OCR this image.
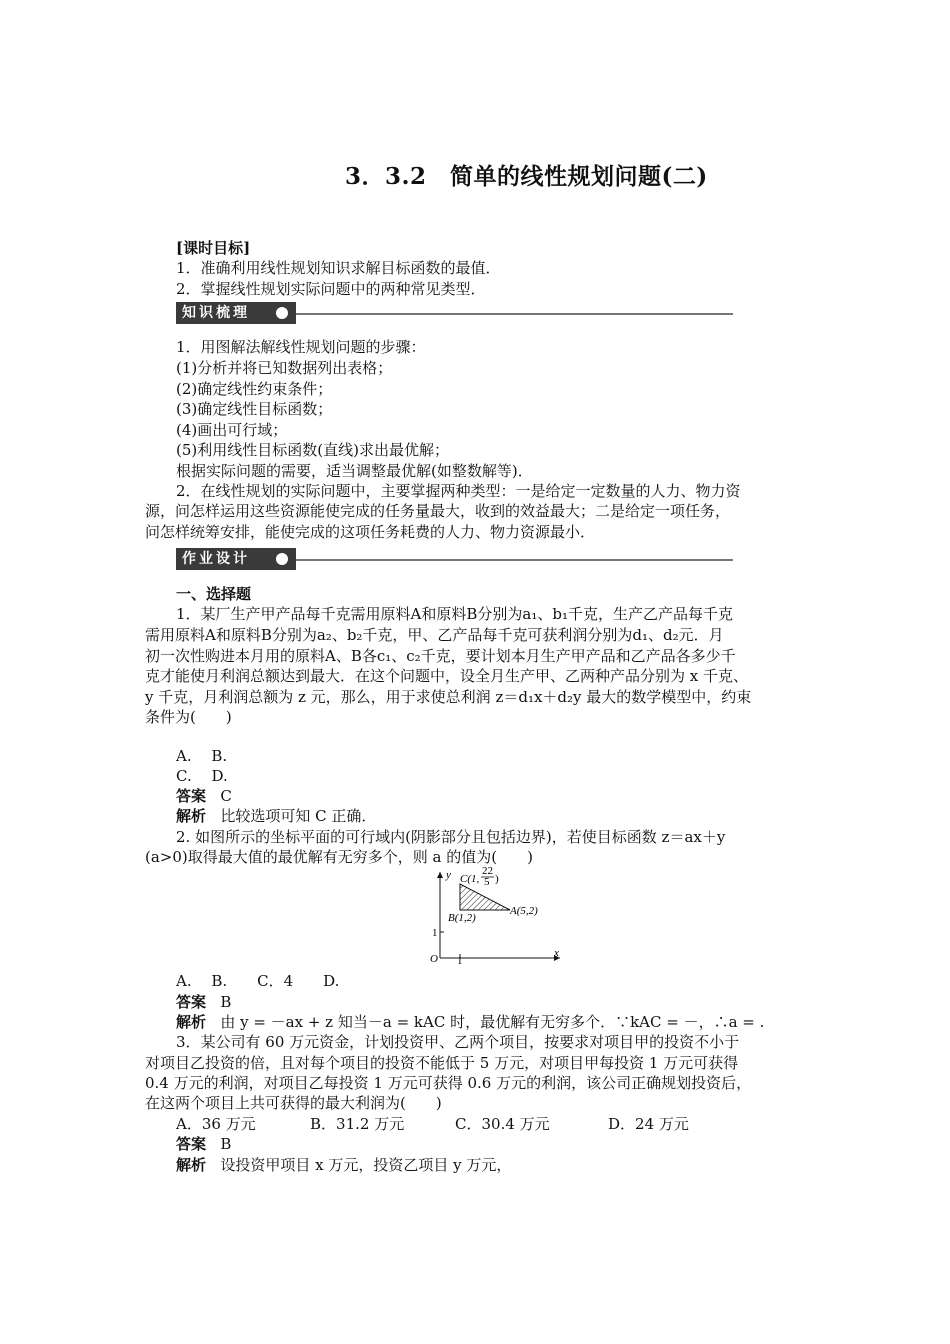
3．3.2　简单的线性规划问题(二)
[课时目标]
1．准确利用线性规划知识求解目标函数的最值．
2．掌握线性规划实际问题中的两种常见类型．
知识梳理
1．用图解法解线性规划问题的步骤：
(1)分析并将已知数据列出表格；
(2)确定线性约束条件；
(3)确定线性目标函数；
(4)画出可行域；
(5)利用线性目标函数(直线)求出最优解；
根据实际问题的需要，适当调整最优解(如整数解等)．
2．在线性规划的实际问题中，主要掌握两种类型：一是给定一定数量的人力、物力资
源，问怎样运用这些资源能使完成的任务量最大，收到的效益最大；二是给定一项任务，
问怎样统筹安排，能使完成的这项任务耗费的人力、物力资源最小．
作业设计
一、选择题
1．某厂生产甲产品每千克需用原料A和原料B分别为a₁、b₁千克，生产乙产品每千克
需用原料A和原料B分别为a₂、b₂千克，甲、乙产品每千克可获利润分别为d₁、d₂元．月
初一次性购进本月用的原料A、B各c₁、c₂千克，要计划本月生产甲产品和乙产品各多少千
克才能使月利润总额达到最大．在这个问题中，设全月生产甲、乙两种产品分别为 x 千克、
y 千克，月利润总额为 z 元，那么，用于求使总利润 z＝d₁x＋d₂y 最大的数学模型中，约束
条件为(　　)
A.　 B.
C.　 D.
答案 C
解析 比较选项可知 C 正确．
2. 如图所示的坐标平面的可行域内(阴影部分且包括边界)，若使目标函数 z＝ax＋y
(a>0)取得最大值的最优解有无穷多个，则 a 的值为(　　)
y
x
O 1
1
C(1,
22
5 )
B(1,2)
A(5,2)
A.　 B.　　C．4　　D.
答案 B
解析 由 y = －ax + z 知当－a = kAC 时，最优解有无穷多个．∵kAC = －，∴a = .
3．某公司有 60 万元资金，计划投资甲、乙两个项目，按要求对项目甲的投资不小于
对项目乙投资的倍，且对每个项目的投资不能低于 5 万元，对项目甲每投资 1 万元可获得
0.4 万元的利润，对项目乙每投资 1 万元可获得 0.6 万元的利润，该公司正确规划投资后，
在这两个项目上共可获得的最大利润为(　　)
A．36 万元	B．31.2 万元	C．30.4 万元	D．24 万元
答案 B
解析 设投资甲项目 x 万元，投资乙项目 y 万元，
